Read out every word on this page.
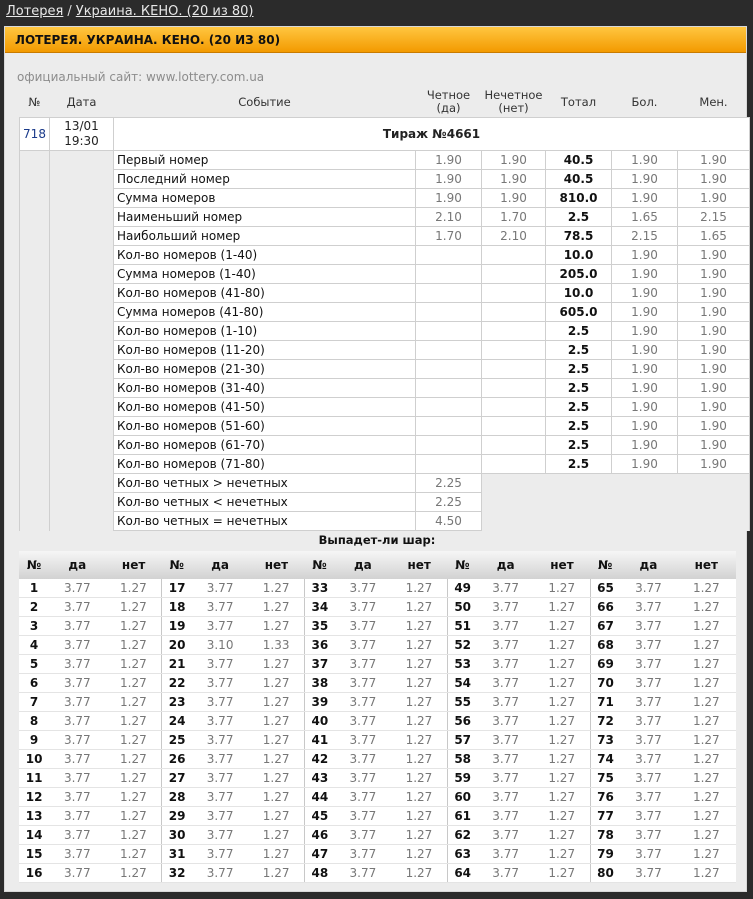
Лотерея / Украина. КЕНО. (20 из 80)
ЛОТЕРЕЯ. УКРАИНА. КЕНО. (20 ИЗ 80)
официальный сайт: www.lottery.com.ua
№	Дата	Событие	Четное
(да)	Нечетное
(нет)	Тотал	Бол.	Мен.
718	13/01
19:30	Тираж №4661					
		Первый номер	1.90	1.90	40.5	1.90	1.90
		Последний номер	1.90	1.90	40.5	1.90	1.90
		Сумма номеров	1.90	1.90	810.0	1.90	1.90
		Наименьший номер	2.10	1.70	2.5	1.65	2.15
		Наибольший номер	1.70	2.10	78.5	2.15	1.65
		Кол-во номеров (1-40)			10.0	1.90	1.90
		Сумма номеров (1-40)			205.0	1.90	1.90
		Кол-во номеров (41-80)			10.0	1.90	1.90
		Сумма номеров (41-80)			605.0	1.90	1.90
		Кол-во номеров (1-10)			2.5	1.90	1.90
		Кол-во номеров (11-20)			2.5	1.90	1.90
		Кол-во номеров (21-30)			2.5	1.90	1.90
		Кол-во номеров (31-40)			2.5	1.90	1.90
		Кол-во номеров (41-50)			2.5	1.90	1.90
		Кол-во номеров (51-60)			2.5	1.90	1.90
		Кол-во номеров (61-70)			2.5	1.90	1.90
		Кол-во номеров (71-80)			2.5	1.90	1.90
		Кол-во четных > нечетных	2.25				
		Кол-во четных < нечетных	2.25				
		Кол-во четных = нечетных	4.50				
Выпадет-ли шар:
№	да	нет	№	да	нет	№	да	нет	№	да	нет	№	да	нет
1	3.77	1.27	17	3.77	1.27	33	3.77	1.27	49	3.77	1.27	65	3.77	1.27
2	3.77	1.27	18	3.77	1.27	34	3.77	1.27	50	3.77	1.27	66	3.77	1.27
3	3.77	1.27	19	3.77	1.27	35	3.77	1.27	51	3.77	1.27	67	3.77	1.27
4	3.77	1.27	20	3.10	1.33	36	3.77	1.27	52	3.77	1.27	68	3.77	1.27
5	3.77	1.27	21	3.77	1.27	37	3.77	1.27	53	3.77	1.27	69	3.77	1.27
6	3.77	1.27	22	3.77	1.27	38	3.77	1.27	54	3.77	1.27	70	3.77	1.27
7	3.77	1.27	23	3.77	1.27	39	3.77	1.27	55	3.77	1.27	71	3.77	1.27
8	3.77	1.27	24	3.77	1.27	40	3.77	1.27	56	3.77	1.27	72	3.77	1.27
9	3.77	1.27	25	3.77	1.27	41	3.77	1.27	57	3.77	1.27	73	3.77	1.27
10	3.77	1.27	26	3.77	1.27	42	3.77	1.27	58	3.77	1.27	74	3.77	1.27
11	3.77	1.27	27	3.77	1.27	43	3.77	1.27	59	3.77	1.27	75	3.77	1.27
12	3.77	1.27	28	3.77	1.27	44	3.77	1.27	60	3.77	1.27	76	3.77	1.27
13	3.77	1.27	29	3.77	1.27	45	3.77	1.27	61	3.77	1.27	77	3.77	1.27
14	3.77	1.27	30	3.77	1.27	46	3.77	1.27	62	3.77	1.27	78	3.77	1.27
15	3.77	1.27	31	3.77	1.27	47	3.77	1.27	63	3.77	1.27	79	3.77	1.27
16	3.77	1.27	32	3.77	1.27	48	3.77	1.27	64	3.77	1.27	80	3.77	1.27
